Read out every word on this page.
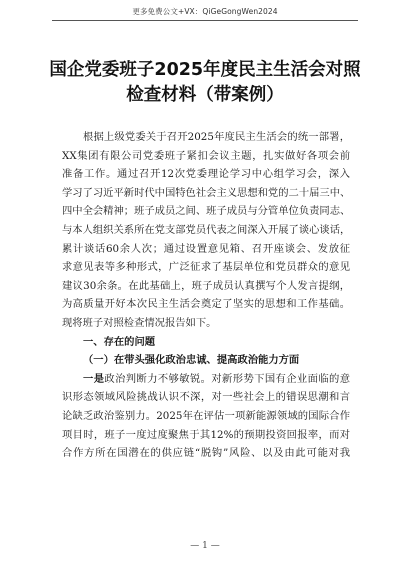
更多免费公文+VX：QiGeGongWen2024
国企党委班子2025年度民主生活会对照
检查材料（带案例）
根据上级党委关于召开2025年度民主生活会的统一部署，
XX集团有限公司党委班子紧扣会议主题，扎实做好各项会前
准备工作。通过召开12次党委理论学习中心组学习会，深入
学习了习近平新时代中国特色社会主义思想和党的二十届三中、
四中全会精神；班子成员之间、班子成员与分管单位负责同志、
与本人组织关系所在党支部党员代表之间深入开展了谈心谈话，
累计谈话60余人次；通过设置意见箱、召开座谈会、发放征
求意见表等多种形式，广泛征求了基层单位和党员群众的意见
建议30余条。在此基础上，班子成员认真撰写个人发言提纲，
为高质量开好本次民主生活会奠定了坚实的思想和工作基础。
现将班子对照检查情况报告如下。
一、存在的问题
（一）在带头强化政治忠诚、提高政治能力方面
一是政治判断力不够敏锐。对新形势下国有企业面临的意
识形态领域风险挑战认识不深，对一些社会上的错误思潮和言
论缺乏政治鉴别力。2025年在评估一项新能源领域的国际合作
项目时，班子一度过度聚焦于其12%的预期投资回报率，而对
合作方所在国潜在的供应链“脱钩”风险、以及由此可能对我
— 1 —
